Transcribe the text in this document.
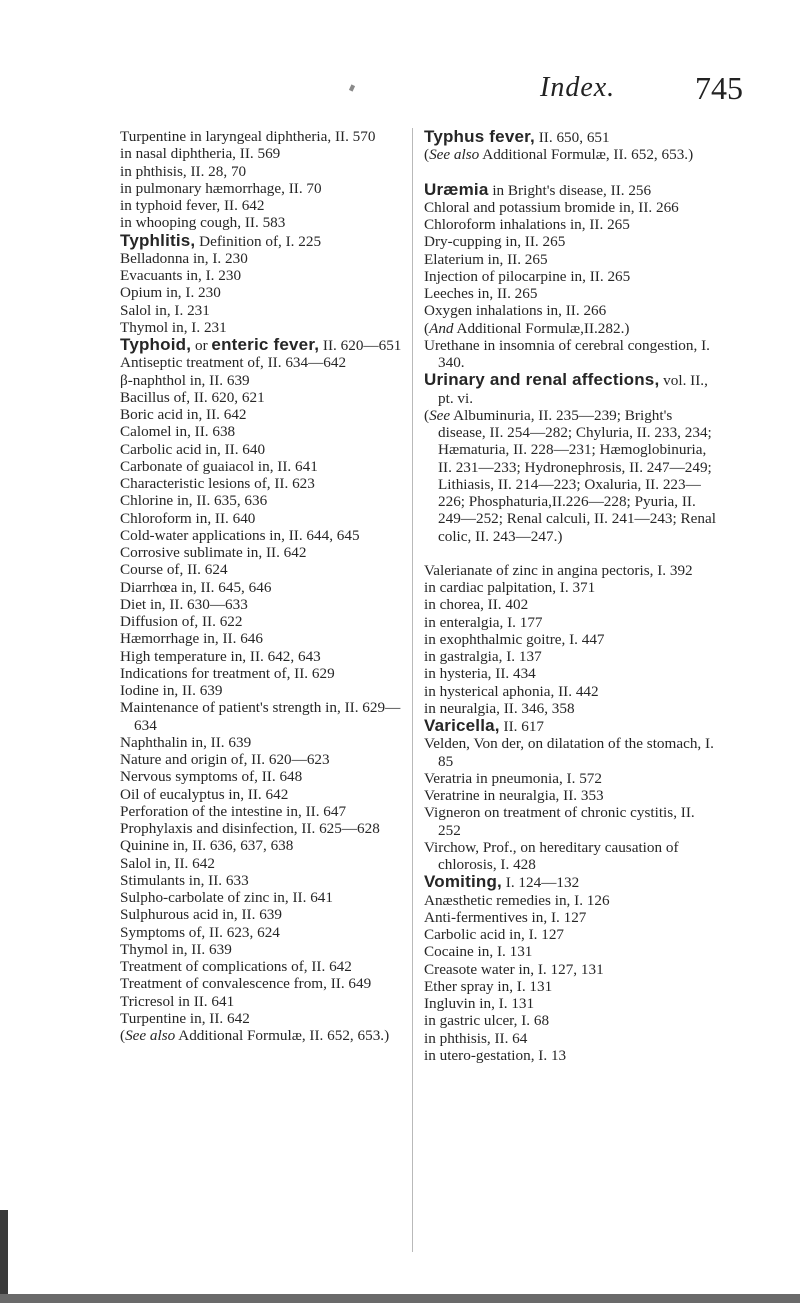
Index. 745
Turpentine in laryngeal diphtheria, II. 570
in nasal diphtheria, II. 569
in phthisis, II. 28, 70
in pulmonary hæmorrhage, II. 70
in typhoid fever, II. 642
in whooping cough, II. 583
Typhlitis, Definition of, I. 225
Belladonna in, I. 230
Evacuants in, I. 230
Opium in, I. 230
Salol in, I. 231
Thymol in, I. 231
Typhoid, or enteric fever, II. 620—651
Antiseptic treatment of, II. 634—642
β-naphthol in, II. 639
Bacillus of, II. 620, 621
Boric acid in, II. 642
Calomel in, II. 638
Carbolic acid in, II. 640
Carbonate of guaiacol in, II. 641
Characteristic lesions of, II. 623
Chlorine in, II. 635, 636
Chloroform in, II. 640
Cold-water applications in, II. 644, 645
Corrosive sublimate in, II. 642
Course of, II. 624
Diarrhœa in, II. 645, 646
Diet in, II. 630—633
Diffusion of, II. 622
Hæmorrhage in, II. 646
High temperature in, II. 642, 643
Indications for treatment of, II. 629
Iodine in, II. 639
Maintenance of patient's strength in, II. 629—634
Naphthalin in, II. 639
Nature and origin of, II. 620—623
Nervous symptoms of, II. 648
Oil of eucalyptus in, II. 642
Perforation of the intestine in, II. 647
Prophylaxis and disinfection, II. 625—628
Quinine in, II. 636, 637, 638
Salol in, II. 642
Stimulants in, II. 633
Sulpho-carbolate of zinc in, II. 641
Sulphurous acid in, II. 639
Symptoms of, II. 623, 624
Thymol in, II. 639
Treatment of complications of, II. 642
Treatment of convalescence from, II. 649
Tricresol in II. 641
Turpentine in, II. 642
(See also Additional Formulæ, II. 652, 653.)
Typhus fever, II. 650, 651
(See also Additional Formulæ, II. 652, 653.)
Uræmia in Bright's disease, II. 256
Chloral and potassium bromide in, II. 266
Chloroform inhalations in, II. 265
Dry-cupping in, II. 265
Elaterium in, II. 265
Injection of pilocarpine in, II. 265
Leeches in, II. 265
Oxygen inhalations in, II. 266
(And Additional Formulæ,II.282.)
Urethane in insomnia of cerebral congestion, I. 340.
Urinary and renal affections, vol. II., pt. vi.
(See Albuminuria, II. 235—239; Bright's disease, II. 254—282; Chyluria, II. 233, 234; Hæmaturia, II. 228—231; Hæmoglobinuria, II. 231—233; Hydronephrosis, II. 247—249; Lithiasis, II. 214—223; Oxaluria, II. 223—226; Phosphaturia,II.226—228; Pyuria, II. 249—252; Renal calculi, II. 241—243; Renal colic, II. 243—247.)
Valerianate of zinc in angina pectoris, I. 392
in cardiac palpitation, I. 371
in chorea, II. 402
in enteralgia, I. 177
in exophthalmic goitre, I. 447
in gastralgia, I. 137
in hysteria, II. 434
in hysterical aphonia, II. 442
in neuralgia, II. 346, 358
Varicella, II. 617
Velden, Von der, on dilatation of the stomach, I. 85
Veratria in pneumonia, I. 572
Veratrine in neuralgia, II. 353
Vigneron on treatment of chronic cystitis, II. 252
Virchow, Prof., on hereditary causation of chlorosis, I. 428
Vomiting, I. 124—132
Anæsthetic remedies in, I. 126
Anti-fermentives in, I. 127
Carbolic acid in, I. 127
Cocaine in, I. 131
Creasote water in, I. 127, 131
Ether spray in, I. 131
Ingluvin in, I. 131
in gastric ulcer, I. 68
in phthisis, II. 64
in utero-gestation, I. 13
